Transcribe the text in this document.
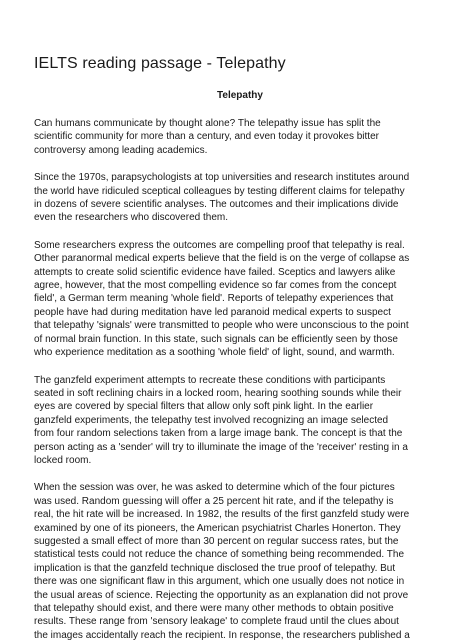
IELTS reading passage - Telepathy
Telepathy

Can humans communicate by thought alone? The telepathy issue has split the
scientific community for more than a century, and even today it provokes bitter
controversy among leading academics.

Since the 1970s, parapsychologists at top universities and research institutes around
the world have ridiculed sceptical colleagues by testing different claims for telepathy
in dozens of severe scientific analyses. The outcomes and their implications divide
even the researchers who discovered them.

Some researchers express the outcomes are compelling proof that telepathy is real.
Other paranormal medical experts believe that the field is on the verge of collapse as
attempts to create solid scientific evidence have failed. Sceptics and lawyers alike
agree, however, that the most compelling evidence so far comes from the concept
field', a German term meaning 'whole field'. Reports of telepathy experiences that
people have had during meditation have led paranoid medical experts to suspect
that telepathy 'signals' were transmitted to people who were unconscious to the point
of normal brain function. In this state, such signals can be efficiently seen by those
who experience meditation as a soothing 'whole field' of light, sound, and warmth.

The ganzfeld experiment attempts to recreate these conditions with participants
seated in soft reclining chairs in a locked room, hearing soothing sounds while their
eyes are covered by special filters that allow only soft pink light. In the earlier
ganzfeld experiments, the telepathy test involved recognizing an image selected
from four random selections taken from a large image bank. The concept is that the
person acting as a 'sender' will try to illuminate the image of the 'receiver' resting in a
locked room.

When the session was over, he was asked to determine which of the four pictures
was used. Random guessing will offer a 25 percent hit rate, and if the telepathy is
real, the hit rate will be increased. In 1982, the results of the first ganzfeld study were
examined by one of its pioneers, the American psychiatrist Charles Honerton. They
suggested a small effect of more than 30 percent on regular success rates, but the
statistical tests could not reduce the chance of something being recommended. The
implication is that the ganzfeld technique disclosed the true proof of telepathy. But
there was one significant flaw in this argument, which one usually does not notice in
the usual areas of science. Rejecting the opportunity as an explanation did not prove
that telepathy should exist, and there were many other methods to obtain positive
results. These range from 'sensory leakage' to complete fraud until the clues about
the images accidentally reach the recipient. In response, the researchers published a
